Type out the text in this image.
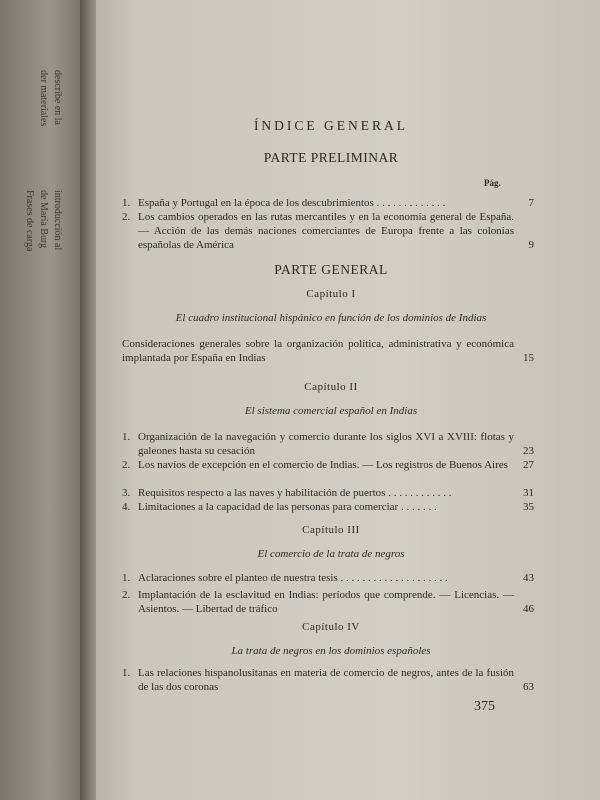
introducción al
de María Burg
Frases de carga
describe en la
der materiales	ÍNDICE GENERAL
PARTE PRELIMINAR
Pág.
1. España y Portugal en la época de los descubrimientos . . . . . . . . . . . . .	7
2. Los cambios operados en las rutas mercantiles y en la economía general de España. — Acción de las demás naciones comerciantes de Europa frente a las colonias españolas de América	9
PARTE GENERAL
Capítulo I
El cuadro institucional hispánico en función de los dominios de Indias
Consideraciones generales sobre la organización política, administrativa y económica implantada por España en Indias	15
Capítulo II
El sistema comercial español en Indias
1. Organización de la navegación y comercio durante los siglos XVI a XVIII: flotas y galeones hasta su cesación	23
2. Los navíos de excepción en el comercio de Indias. — Los registros de Buenos Aires	27
3. Requisitos respecto a las naves y habilitación de puertos . . . . . . . . . . . .	31
4. Limitaciones a la capacidad de las personas para comerciar . . . . . . .	35
Capítulo III
El comercio de la trata de negros
1. Aclaraciones sobre el planteo de nuestra tesis . . . . . . . . . . . . . . . . . . . .	43
2. Implantación de la esclavitud en Indias: períodos que comprende. — Licencias. — Asientos. — Libertad de tráfico	46
Capítulo IV
La trata de negros en los dominios españoles
1. Las relaciones hispanolusitanas en materia de comercio de negros, antes de la fusión de las dos coronas	63
375
